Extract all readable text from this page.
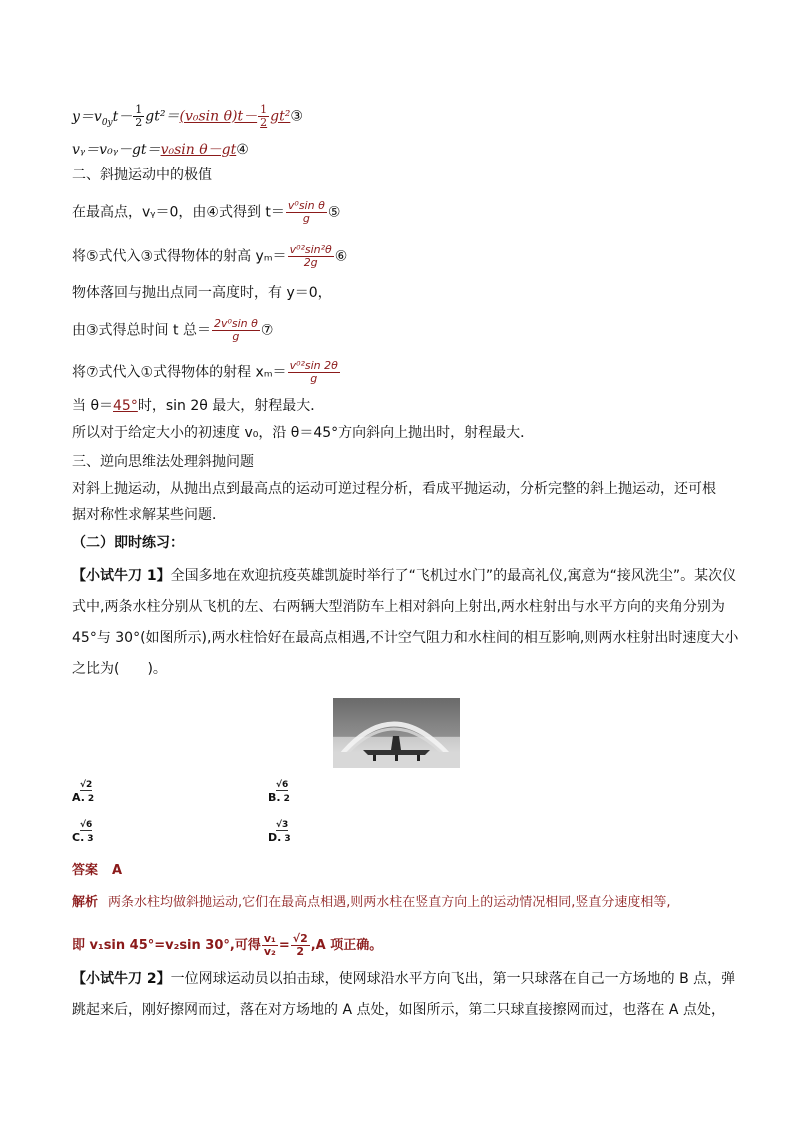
$y=v_{0y}t- \frac{1}{2} gt^2=(v_0\sin$ $\theta)t- \frac{1}{2}$ gt²③
vᵧ＝v₀ᵧ－gt＝v₀sin θ－gt④
二、斜抛运动中的极值
在最高点，vᵧ＝0，由④式得到 $t= \frac{\text{v⁰sin θ}}{g}$ ⑤
将⑤式代入③式得物体的射高 $y_m= \frac{\text{v⁰²sin²θ}}{2g}$ ⑥
物体落回与抛出点同一高度时，有 y＝0，
由③式得总时间 t 总＝ $\frac{\text{2v⁰sin θ}}{g}$ ⑦
将⑦式代入①式得物体的射程 $x_m= \frac{\text{v⁰²sin 2θ}}{g}$
当 θ＝45°时，sin 2θ 最大，射程最大．
所以对于给定大小的初速度 v₀，沿 θ＝45°方向斜向上抛出时，射程最大．
三、逆向思维法处理斜抛问题
对斜上抛运动，从抛出点到最高点的运动可逆过程分析，看成平抛运动，分析完整的斜上抛运动，还可根
据对称性求解某些问题．
（二）即时练习：
【小试牛刀 1】全国多地在欢迎抗疫英雄凯旋时举行了“飞机过水门”的最高礼仪,寓意为“接风洗尘”。某次仪
式中,两条水柱分别从飞机的左、右两辆大型消防车上相对斜向上射出,两水柱射出与水平方向的夹角分别为
45°与 30°(如图所示),两水柱恰好在最高点相遇,不计空气阻力和水柱间的相互影响,则两水柱射出时速度大小
之比为(　　)。
√2
A. 2
√6
B. 2
√6
C. 3
√3
D. 3
答案 A
解析 两条水柱均做斜抛运动,它们在最高点相遇,则两水柱在竖直方向上的运动情况相同,竖直分速度相等,
即 v₁sin 45°=v₂sin 30°,可得 $\frac{\text{v₁}}{\text{v₂}} = \frac{√2}{2} ,A$ 项正确。
【小试牛刀 2】一位网球运动员以拍击球，使网球沿水平方向飞出，第一只球落在自己一方场地的 B 点，弹
跳起来后，刚好擦网而过，落在对方场地的 A 点处，如图所示，第二只球直接擦网而过，也落在 A 点处，
